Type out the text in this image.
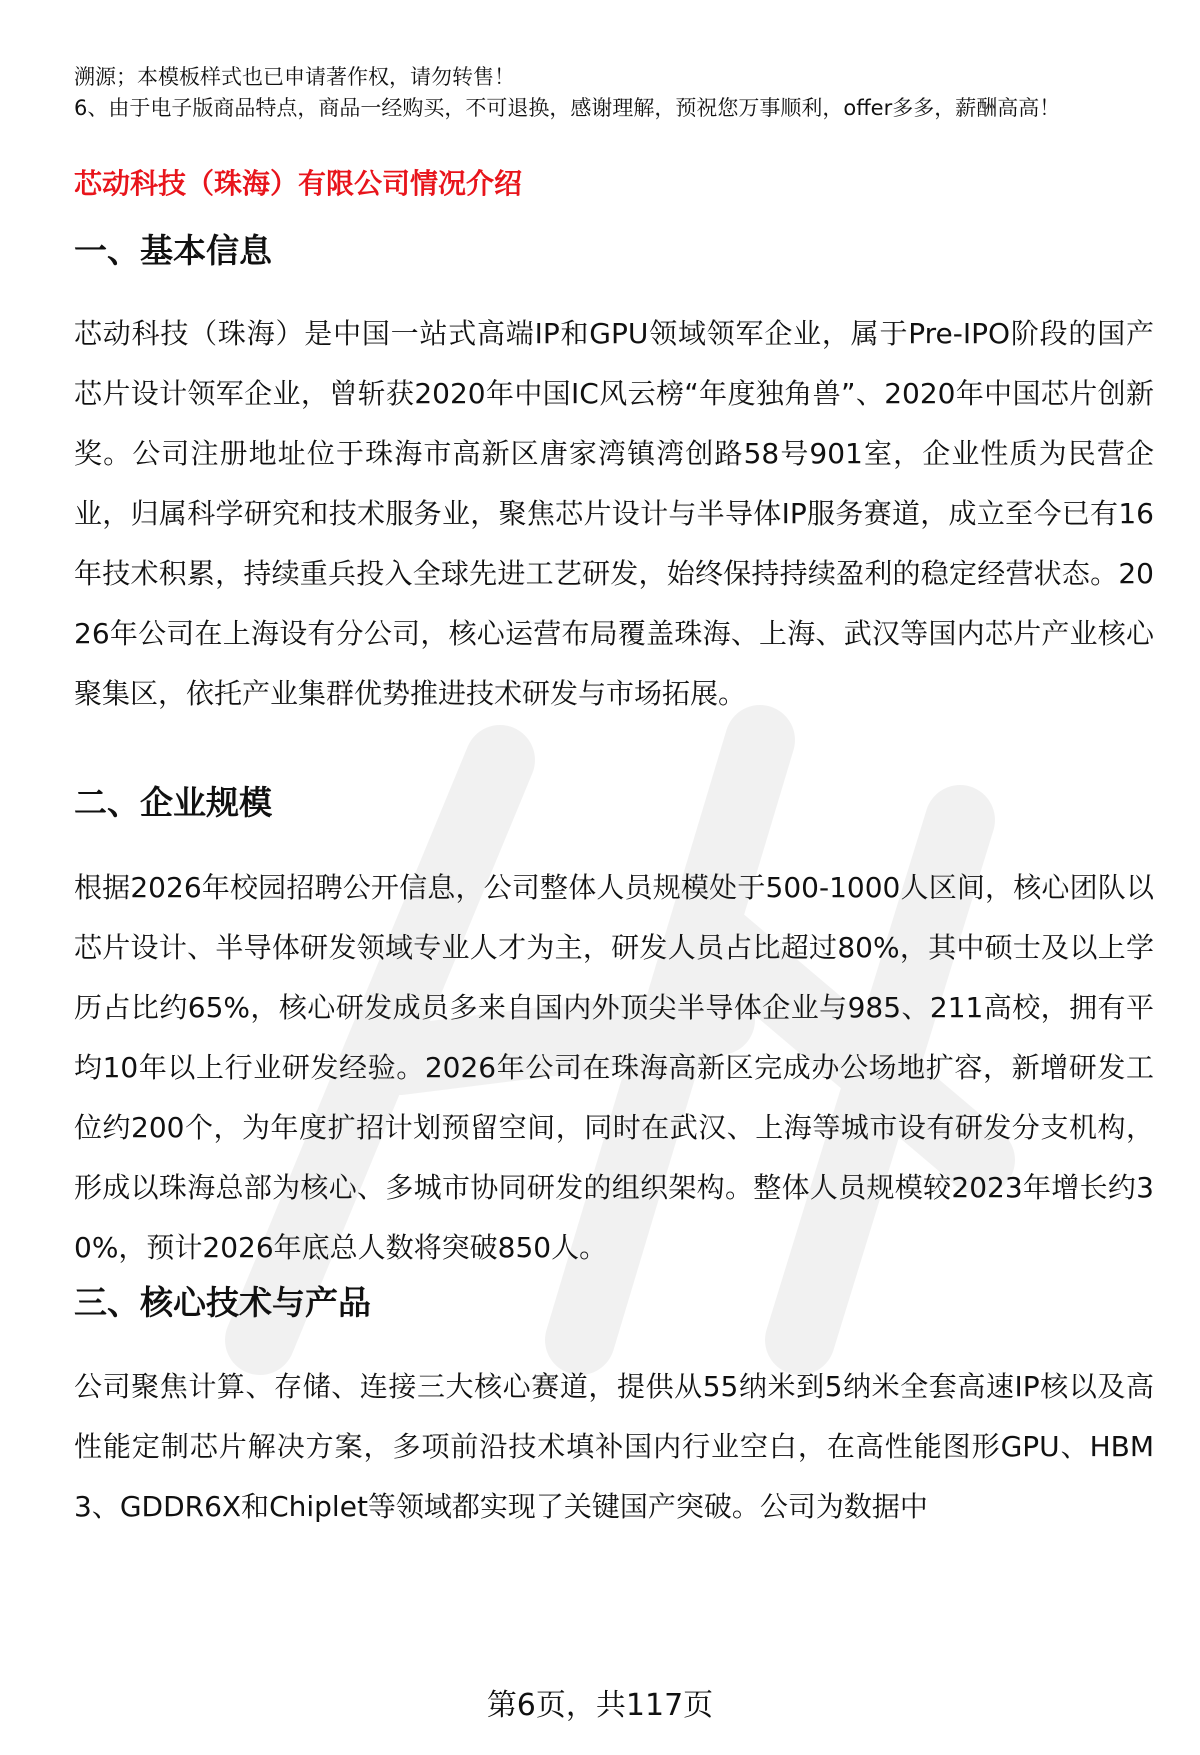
溯源；本模板样式也已申请著作权，请勿转售！
6、由于电子版商品特点，商品一经购买，不可退换，感谢理解，预祝您万事顺利，offer多多，薪酬高高！
芯动科技（珠海）有限公司情况介绍
一、基本信息
芯动科技（珠海）是中国一站式高端IP和GPU领域领军企业，属于Pre-IPO阶段的国产芯片设计领军企业，曾斩获2020年中国IC风云榜“年度独角兽”、2020年中国芯片创新奖。公司注册地址位于珠海市高新区唐家湾镇湾创路58号901室，企业性质为民营企业，归属科学研究和技术服务业，聚焦芯片设计与半导体IP服务赛道，成立至今已有16年技术积累，持续重兵投入全球先进工艺研发，始终保持持续盈利的稳定经营状态。2026年公司在上海设有分公司，核心运营布局覆盖珠海、上海、武汉等国内芯片产业核心聚集区，依托产业集群优势推进技术研发与市场拓展。
二、企业规模
根据2026年校园招聘公开信息，公司整体人员规模处于500-1000人区间，核心团队以芯片设计、半导体研发领域专业人才为主，研发人员占比超过80%，其中硕士及以上学历占比约65%，核心研发成员多来自国内外顶尖半导体企业与985、211高校，拥有平均10年以上行业研发经验。2026年公司在珠海高新区完成办公场地扩容，新增研发工位约200个，为年度扩招计划预留空间，同时在武汉、上海等城市设有研发分支机构，形成以珠海总部为核心、多城市协同研发的组织架构。整体人员规模较2023年增长约30%，预计2026年底总人数将突破850人。
三、核心技术与产品
公司聚焦计算、存储、连接三大核心赛道，提供从55纳米到5纳米全套高速IP核以及高性能定制芯片解决方案，多项前沿技术填补国内行业空白，在高性能图形GPU、HBM3、GDDR6X和Chiplet等领域都实现了关键国产突破。公司为数据中
第6页，共117页
